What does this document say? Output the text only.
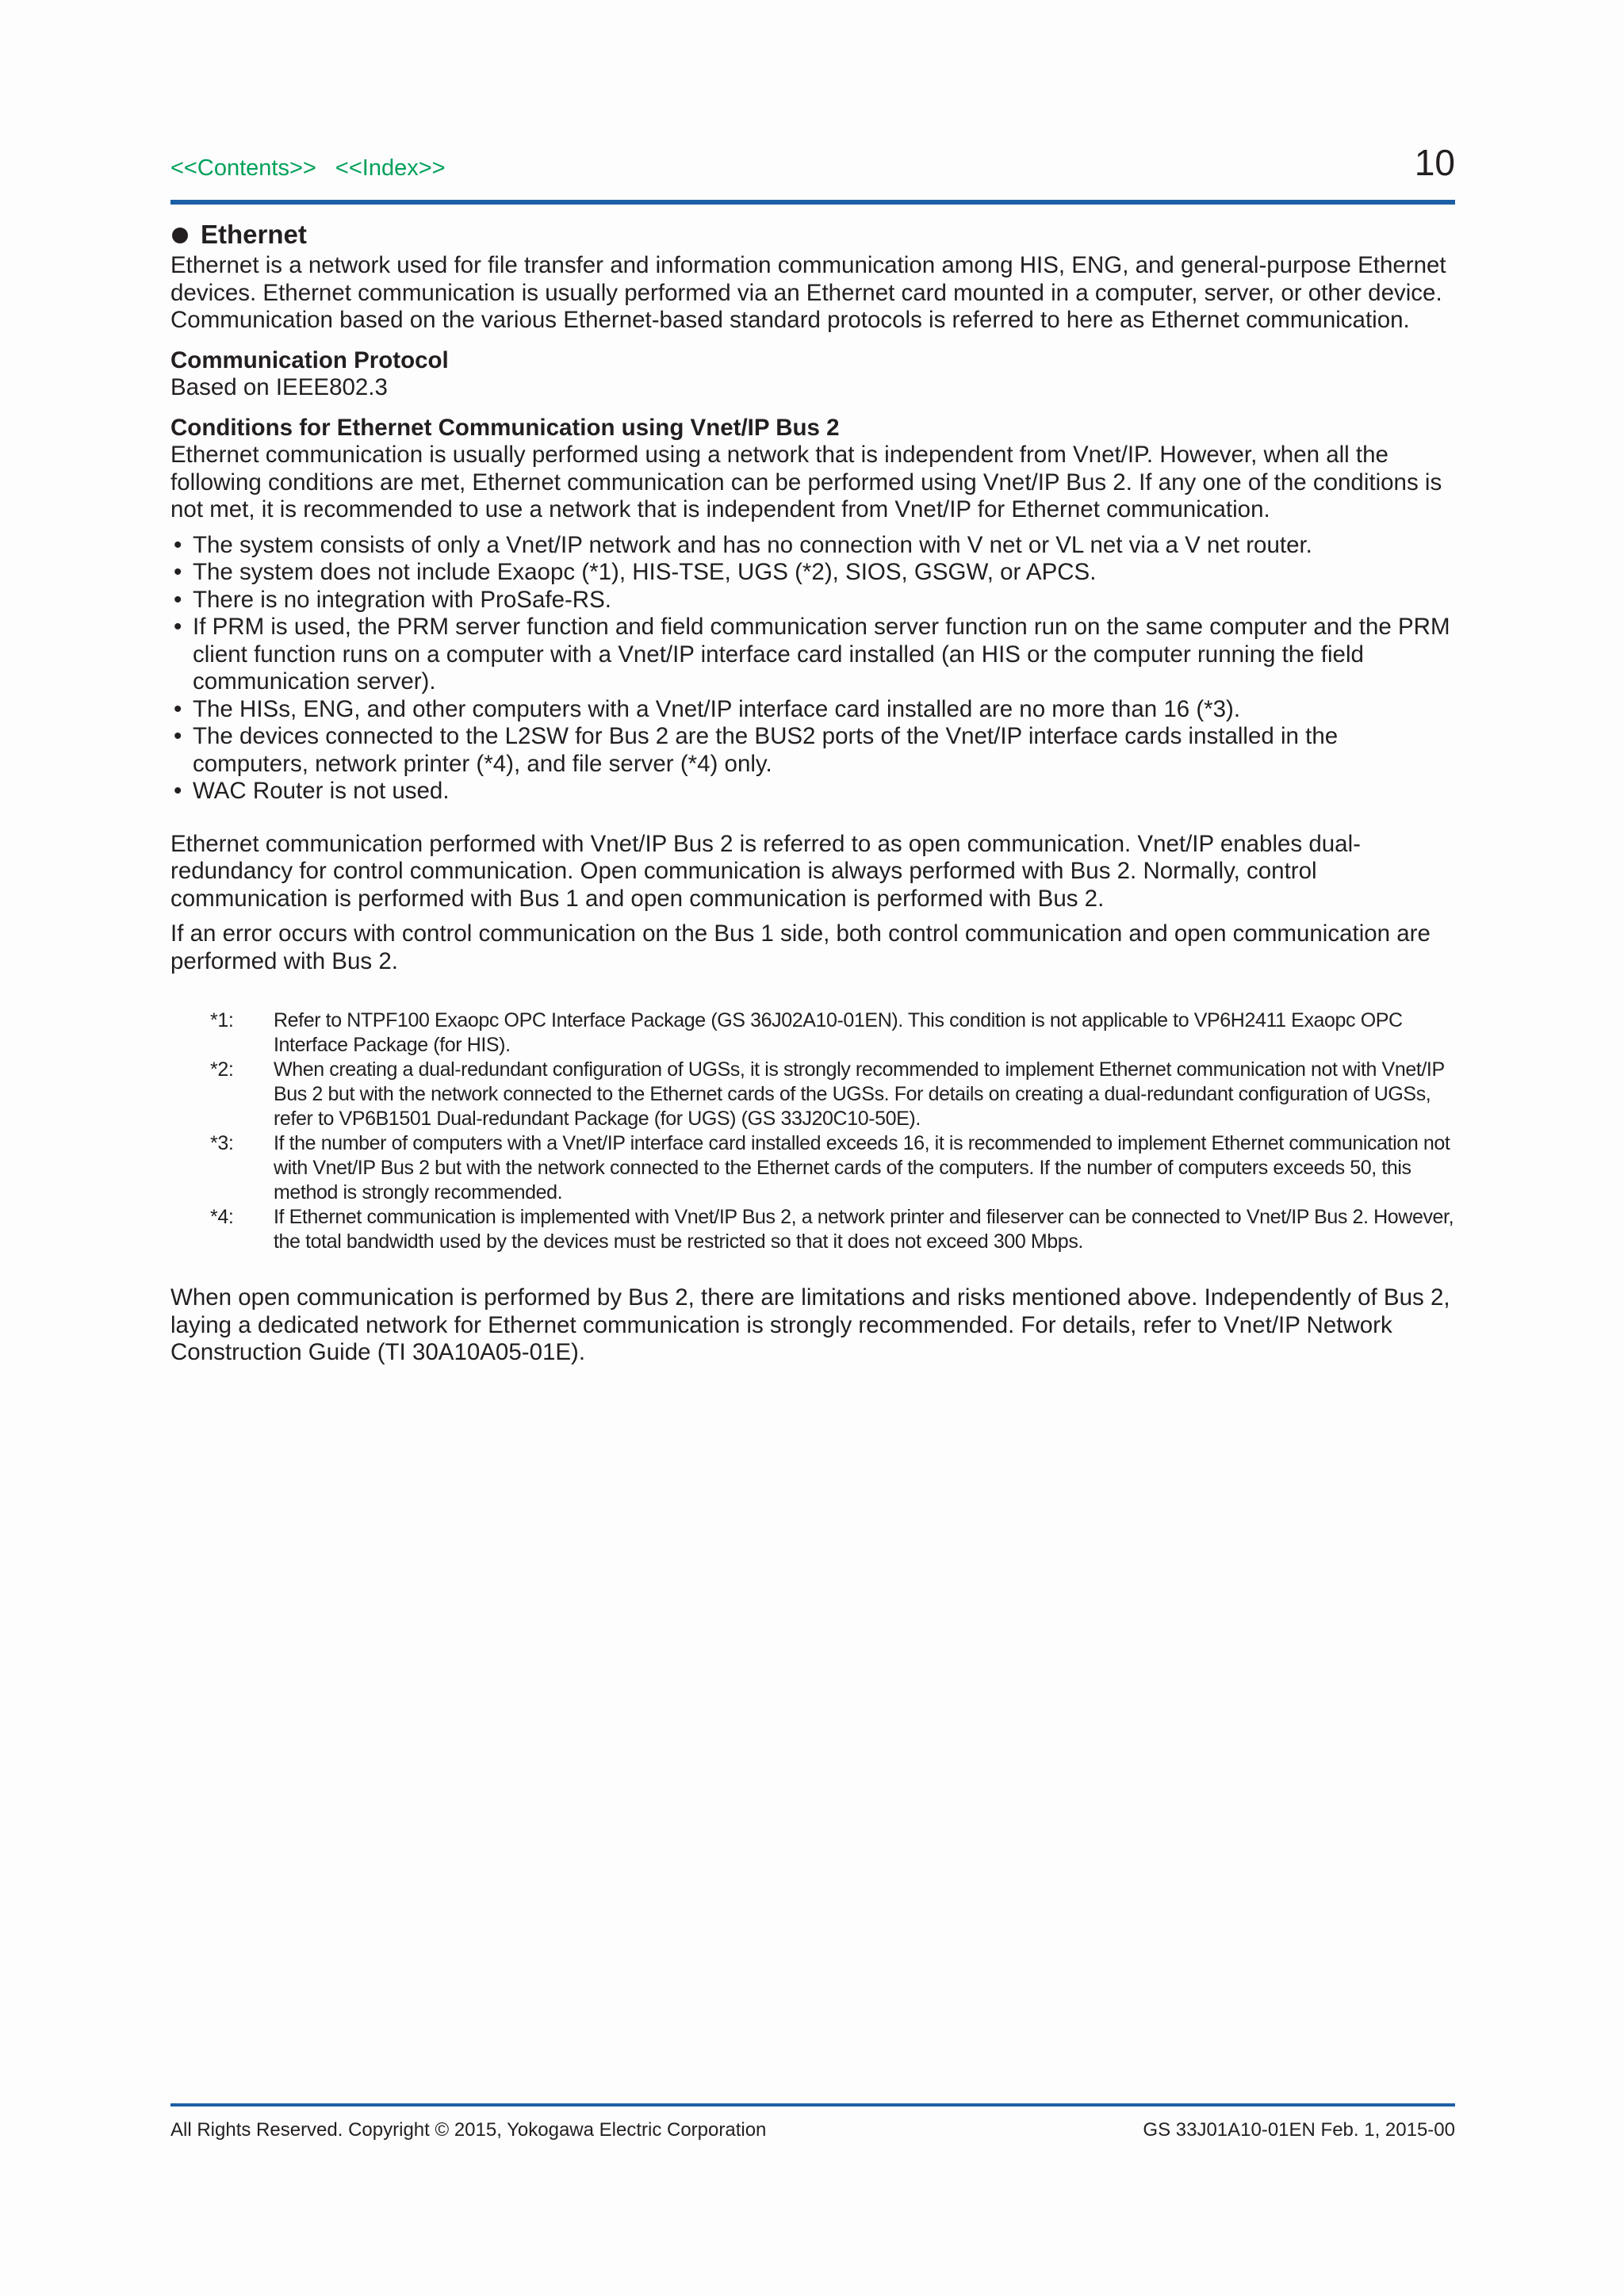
<<Contents>> <<Index>>	10
Ethernet

Ethernet is a network used for file transfer and information communication among HIS, ENG, and general-purpose Ethernet devices. Ethernet communication is usually performed via an Ethernet card mounted in a computer, server, or other device. Communication based on the various Ethernet-based standard protocols is referred to here as Ethernet communication.

Communication Protocol

Based on IEEE802.3

Conditions for Ethernet Communication using Vnet/IP Bus 2

Ethernet communication is usually performed using a network that is independent from Vnet/IP. However, when all the following conditions are met, Ethernet communication can be performed using Vnet/IP Bus 2. If any one of the conditions is not met, it is recommended to use a network that is independent from Vnet/IP for Ethernet communication.

• The system consists of only a Vnet/IP network and has no connection with V net or VL net via a V net router.
• The system does not include Exaopc (*1), HIS-TSE, UGS (*2), SIOS, GSGW, or APCS.
• There is no integration with ProSafe-RS.
• If PRM is used, the PRM server function and field communication server function run on the same computer and the PRM client function runs on a computer with a Vnet/IP interface card installed (an HIS or the computer running the field communication server).
• The HISs, ENG, and other computers with a Vnet/IP interface card installed are no more than 16 (*3).
• The devices connected to the L2SW for Bus 2 are the BUS2 ports of the Vnet/IP interface cards installed in the computers, network printer (*4), and file server (*4) only.
• WAC Router is not used.

Ethernet communication performed with Vnet/IP Bus 2 is referred to as open communication. Vnet/IP enables dual-redundancy for control communication. Open communication is always performed with Bus 2. Normally, control communication is performed with Bus 1 and open communication is performed with Bus 2.

If an error occurs with control communication on the Bus 1 side, both control communication and open communication are performed with Bus 2.

*1: Refer to NTPF100 Exaopc OPC Interface Package (GS 36J02A10-01EN). This condition is not applicable to VP6H2411 Exaopc OPC Interface Package (for HIS).
*2: When creating a dual-redundant configuration of UGSs, it is strongly recommended to implement Ethernet communication not with Vnet/IP Bus 2 but with the network connected to the Ethernet cards of the UGSs. For details on creating a dual-redundant configuration of UGSs, refer to VP6B1501 Dual-redundant Package (for UGS) (GS 33J20C10-50E).
*3: If the number of computers with a Vnet/IP interface card installed exceeds 16, it is recommended to implement Ethernet communication not with Vnet/IP Bus 2 but with the network connected to the Ethernet cards of the computers. If the number of computers exceeds 50, this method is strongly recommended.
*4: If Ethernet communication is implemented with Vnet/IP Bus 2, a network printer and fileserver can be connected to Vnet/IP Bus 2. However, the total bandwidth used by the devices must be restricted so that it does not exceed 300 Mbps.

When open communication is performed by Bus 2, there are limitations and risks mentioned above. Independently of Bus 2, laying a dedicated network for Ethernet communication is strongly recommended. For details, refer to Vnet/IP Network Construction Guide (TI 30A10A05-01E).

All Rights Reserved. Copyright © 2015, Yokogawa Electric Corporation	GS 33J01A10-01EN Feb. 1, 2015-00
